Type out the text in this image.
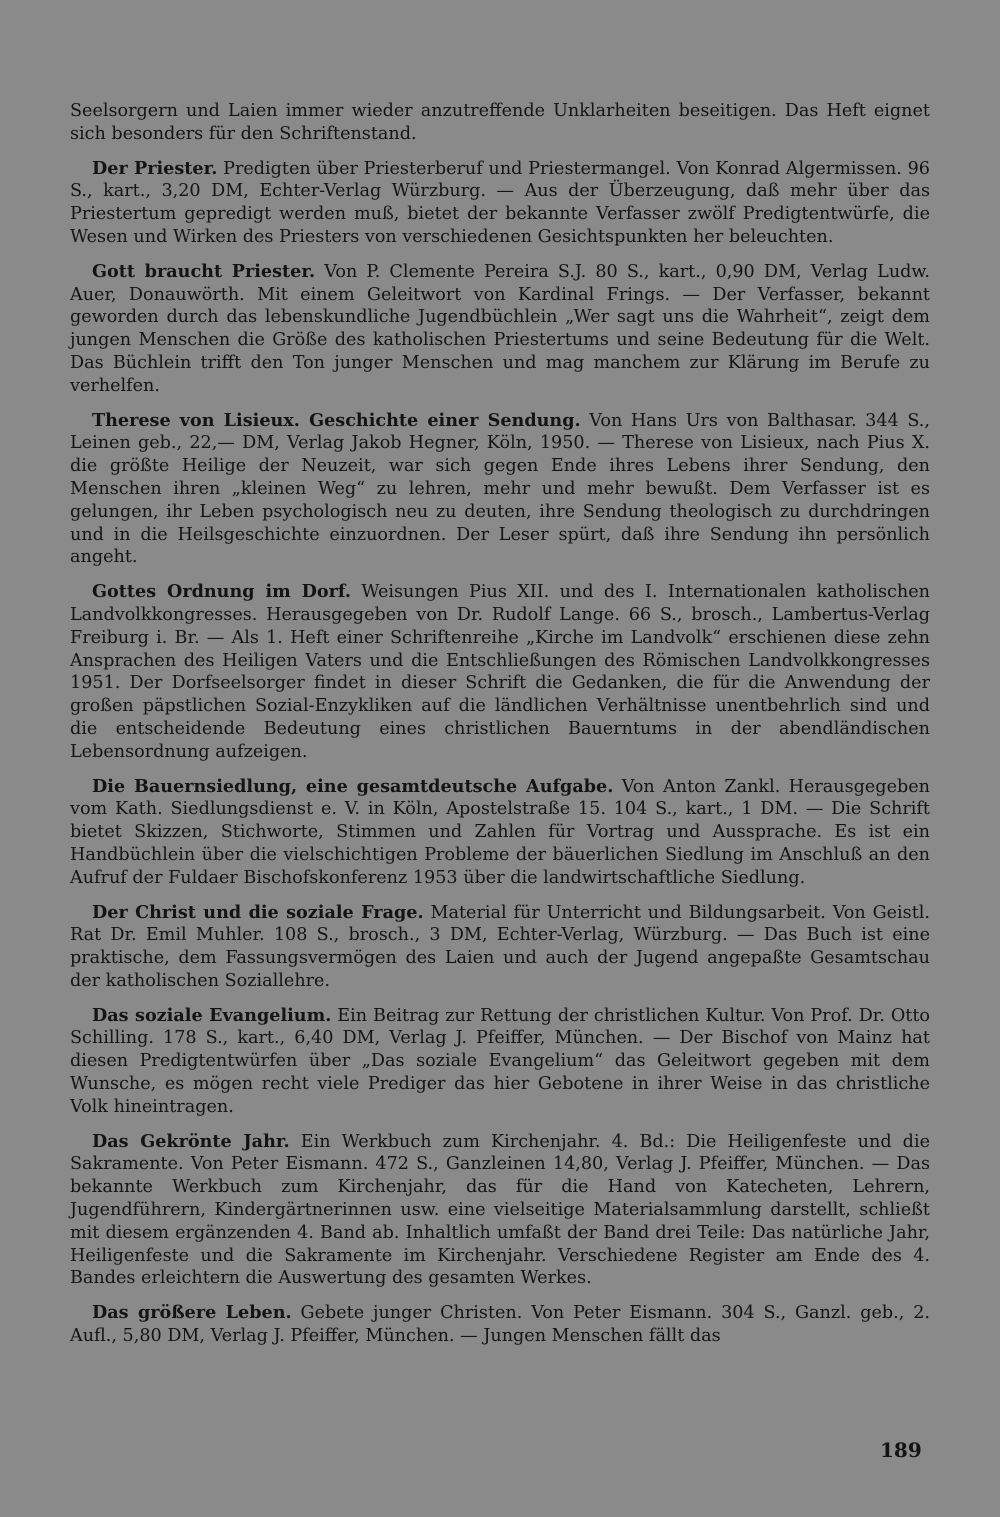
Seelsorgern und Laien immer wieder anzutreffende Unklarheiten beseitigen. Das Heft eignet sich besonders für den Schriftenstand.

Der Priester. Predigten über Priesterberuf und Priestermangel. Von Konrad Algermissen. 96 S., kart., 3,20 DM, Echter-Verlag Würzburg. — Aus der Überzeugung, daß mehr über das Priestertum gepredigt werden muß, bietet der bekannte Verfasser zwölf Predigtentwürfe, die Wesen und Wirken des Priesters von verschiedenen Gesichtspunkten her beleuchten.

Gott braucht Priester. Von P. Clemente Pereira S.J. 80 S., kart., 0,90 DM, Verlag Ludw. Auer, Donauwörth. Mit einem Geleitwort von Kardinal Frings. — Der Verfasser, bekannt geworden durch das lebenskundliche Jugendbüchlein „Wer sagt uns die Wahrheit“, zeigt dem jungen Menschen die Größe des katholischen Priestertums und seine Bedeutung für die Welt. Das Büchlein trifft den Ton junger Menschen und mag manchem zur Klärung im Berufe zu verhelfen.

Therese von Lisieux. Geschichte einer Sendung. Von Hans Urs von Balthasar. 344 S., Leinen geb., 22,— DM, Verlag Jakob Hegner, Köln, 1950. — Therese von Lisieux, nach Pius X. die größte Heilige der Neuzeit, war sich gegen Ende ihres Lebens ihrer Sendung, den Menschen ihren „kleinen Weg“ zu lehren, mehr und mehr bewußt. Dem Verfasser ist es gelungen, ihr Leben psychologisch neu zu deuten, ihre Sendung theologisch zu durchdringen und in die Heilsgeschichte einzuordnen. Der Leser spürt, daß ihre Sendung ihn persönlich angeht.

Gottes Ordnung im Dorf. Weisungen Pius XII. und des I. Internationalen katholischen Landvolkkongresses. Herausgegeben von Dr. Rudolf Lange. 66 S., brosch., Lambertus-Verlag Freiburg i. Br. — Als 1. Heft einer Schriftenreihe „Kirche im Landvolk“ erschienen diese zehn Ansprachen des Heiligen Vaters und die Entschließungen des Römischen Landvolkkongresses 1951. Der Dorfseelsorger findet in dieser Schrift die Gedanken, die für die Anwendung der großen päpstlichen Sozial-Enzykliken auf die ländlichen Verhältnisse unentbehrlich sind und die entscheidende Bedeutung eines christlichen Bauerntums in der abendländischen Lebensordnung aufzeigen.

Die Bauernsiedlung, eine gesamtdeutsche Aufgabe. Von Anton Zankl. Herausgegeben vom Kath. Siedlungsdienst e. V. in Köln, Apostelstraße 15. 104 S., kart., 1 DM. — Die Schrift bietet Skizzen, Stichworte, Stimmen und Zahlen für Vortrag und Aussprache. Es ist ein Handbüchlein über die vielschichtigen Probleme der bäuerlichen Siedlung im Anschluß an den Aufruf der Fuldaer Bischofskonferenz 1953 über die landwirtschaftliche Siedlung.

Der Christ und die soziale Frage. Material für Unterricht und Bildungsarbeit. Von Geistl. Rat Dr. Emil Muhler. 108 S., brosch., 3 DM, Echter-Verlag, Würzburg. — Das Buch ist eine praktische, dem Fassungsvermögen des Laien und auch der Jugend angepaßte Gesamtschau der katholischen Soziallehre.

Das soziale Evangelium. Ein Beitrag zur Rettung der christlichen Kultur. Von Prof. Dr. Otto Schilling. 178 S., kart., 6,40 DM, Verlag J. Pfeiffer, München. — Der Bischof von Mainz hat diesen Predigtentwürfen über „Das soziale Evangelium“ das Geleitwort gegeben mit dem Wunsche, es mögen recht viele Prediger das hier Gebotene in ihrer Weise in das christliche Volk hineintragen.

Das Gekrönte Jahr. Ein Werkbuch zum Kirchenjahr. 4. Bd.: Die Heiligenfeste und die Sakramente. Von Peter Eismann. 472 S., Ganzleinen 14,80, Verlag J. Pfeiffer, München. — Das bekannte Werkbuch zum Kirchenjahr, das für die Hand von Katecheten, Lehrern, Jugendführern, Kindergärtnerinnen usw. eine vielseitige Materialsammlung darstellt, schließt mit diesem ergänzenden 4. Band ab. Inhaltlich umfaßt der Band drei Teile: Das natürliche Jahr, Heiligenfeste und die Sakramente im Kirchenjahr. Verschiedene Register am Ende des 4. Bandes erleichtern die Auswertung des gesamten Werkes.

Das größere Leben. Gebete junger Christen. Von Peter Eismann. 304 S., Ganzl. geb., 2. Aufl., 5,80 DM, Verlag J. Pfeiffer, München. — Jungen Menschen fällt das

189
